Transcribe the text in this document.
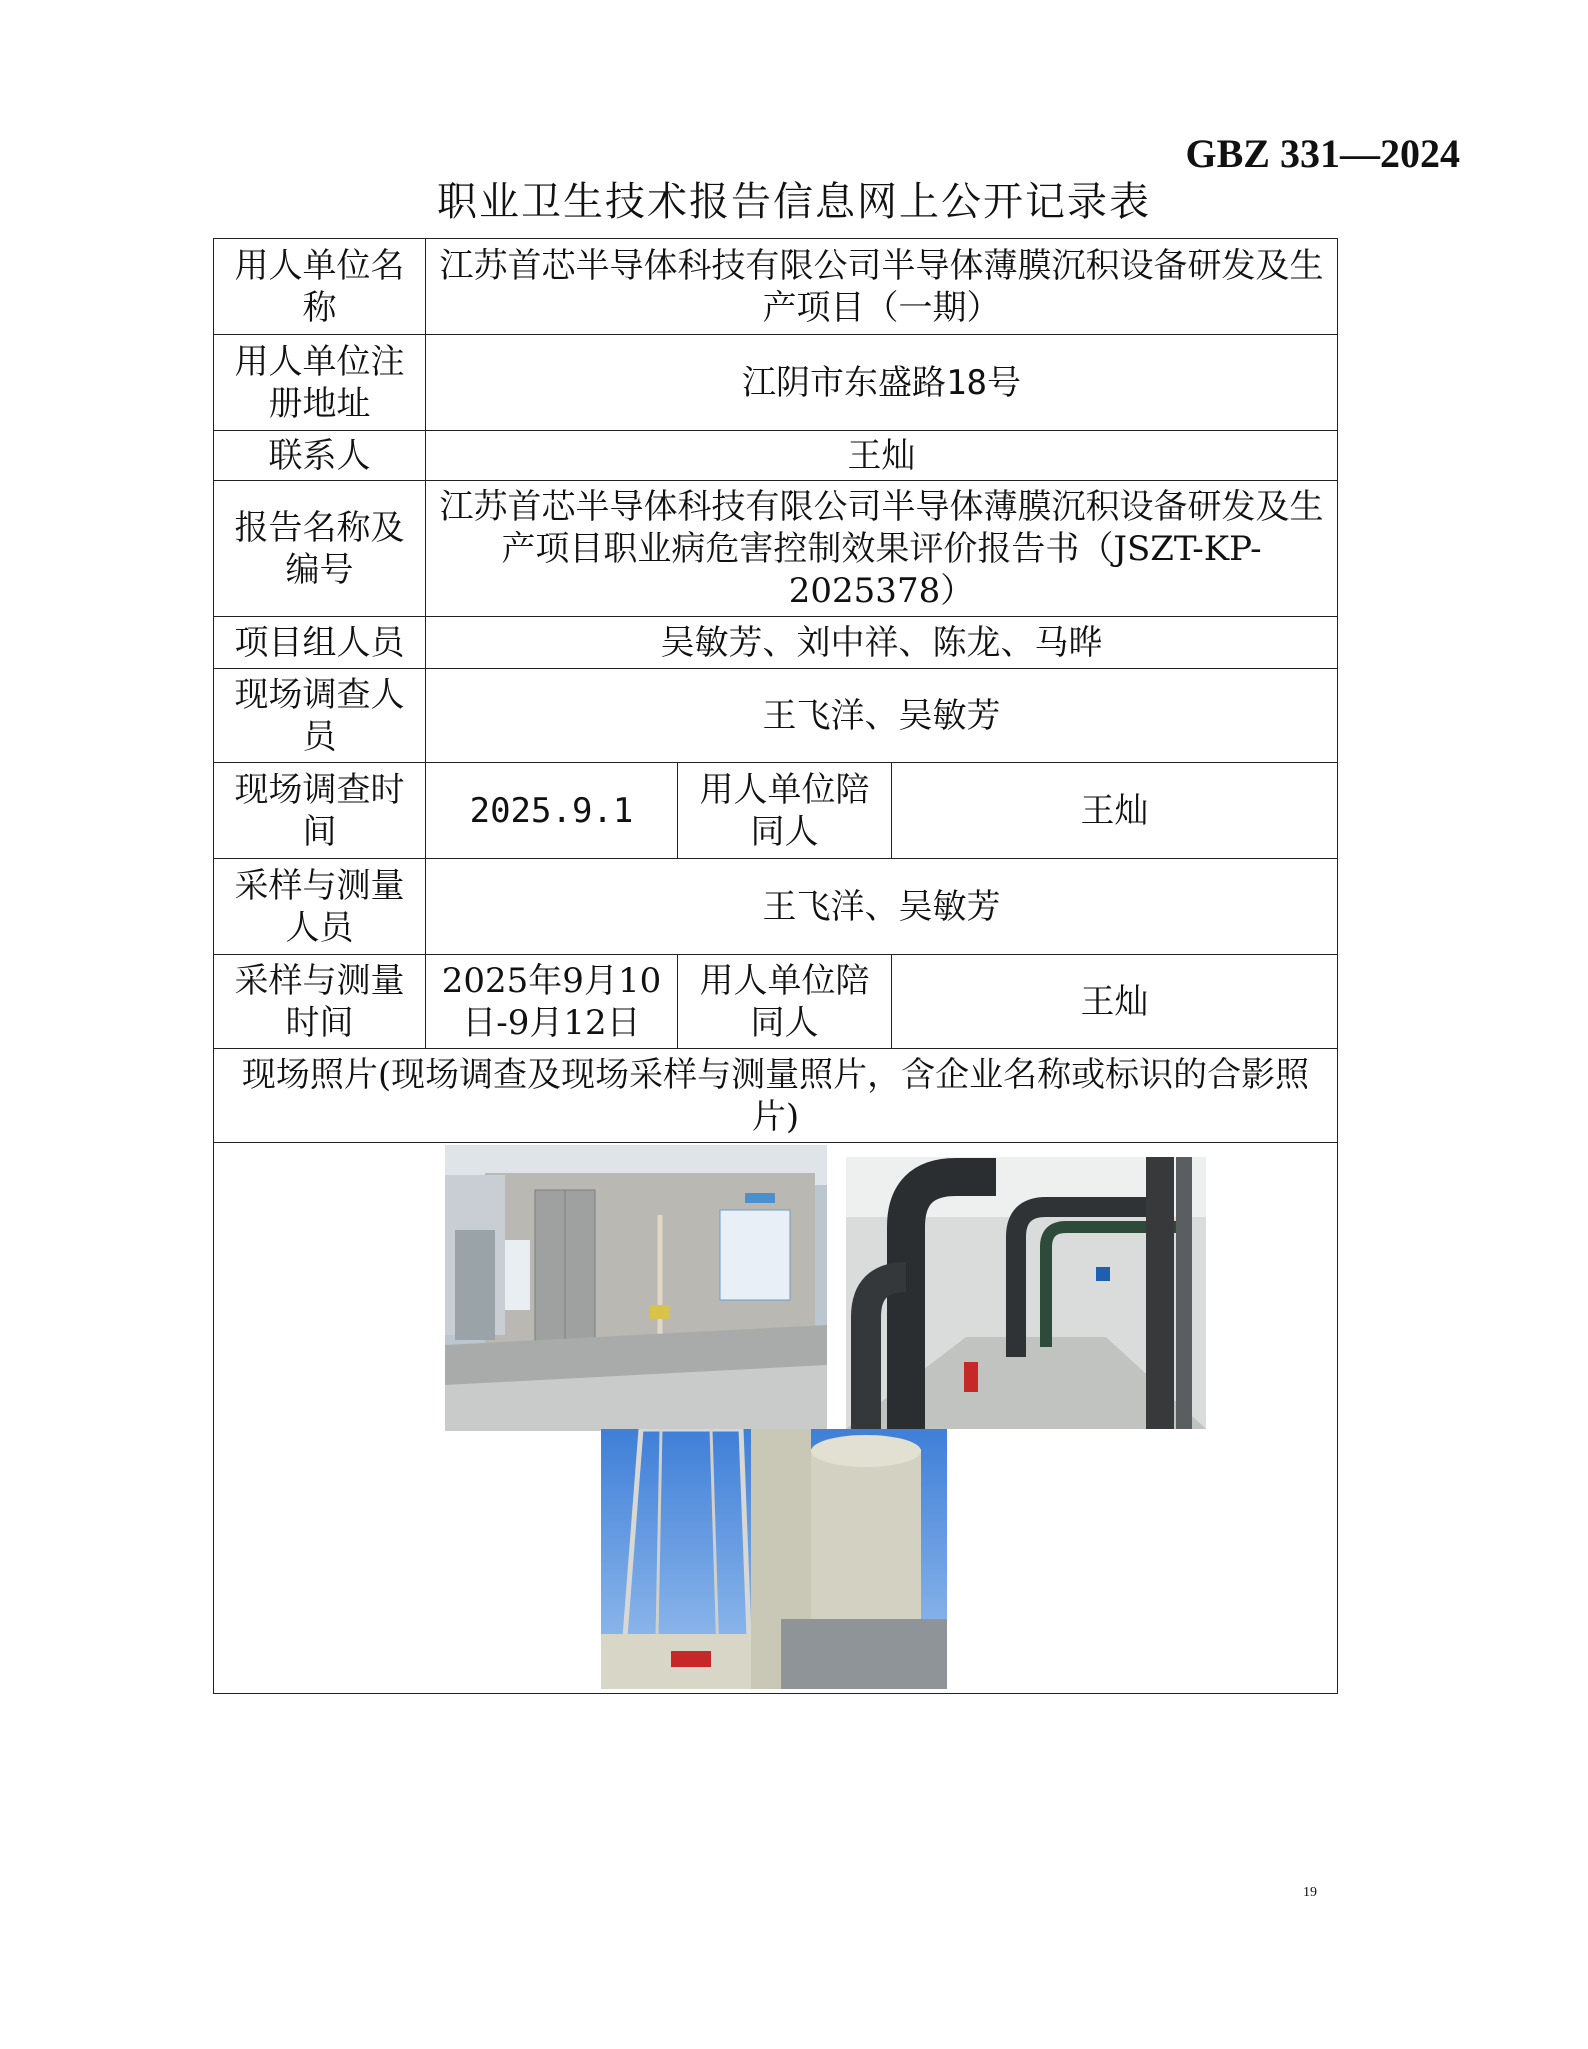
GBZ 331—2024
职业卫生技术报告信息网上公开记录表
用人单位名称	江苏首芯半导体科技有限公司半导体薄膜沉积设备研发及生产项目（一期）		
用人单位注册地址	江阴市东盛路18号		
联系人	王灿		
报告名称及编号	江苏首芯半导体科技有限公司半导体薄膜沉积设备研发及生产项目职业病危害控制效果评价报告书（JSZT-KP-2025378）		
项目组人员	吴敏芳、刘中祥、陈龙、马晔		
现场调查人员	王飞洋、吴敏芳		
现场调查时间	2025.9.1	用人单位陪同人	王灿
采样与测量人员	王飞洋、吴敏芳		
采样与测量时间	2025年9月10日-9月12日	用人单位陪同人	王灿
现场照片(现场调查及现场采样与测量照片，含企业名称或标识的合影照片)			

19
